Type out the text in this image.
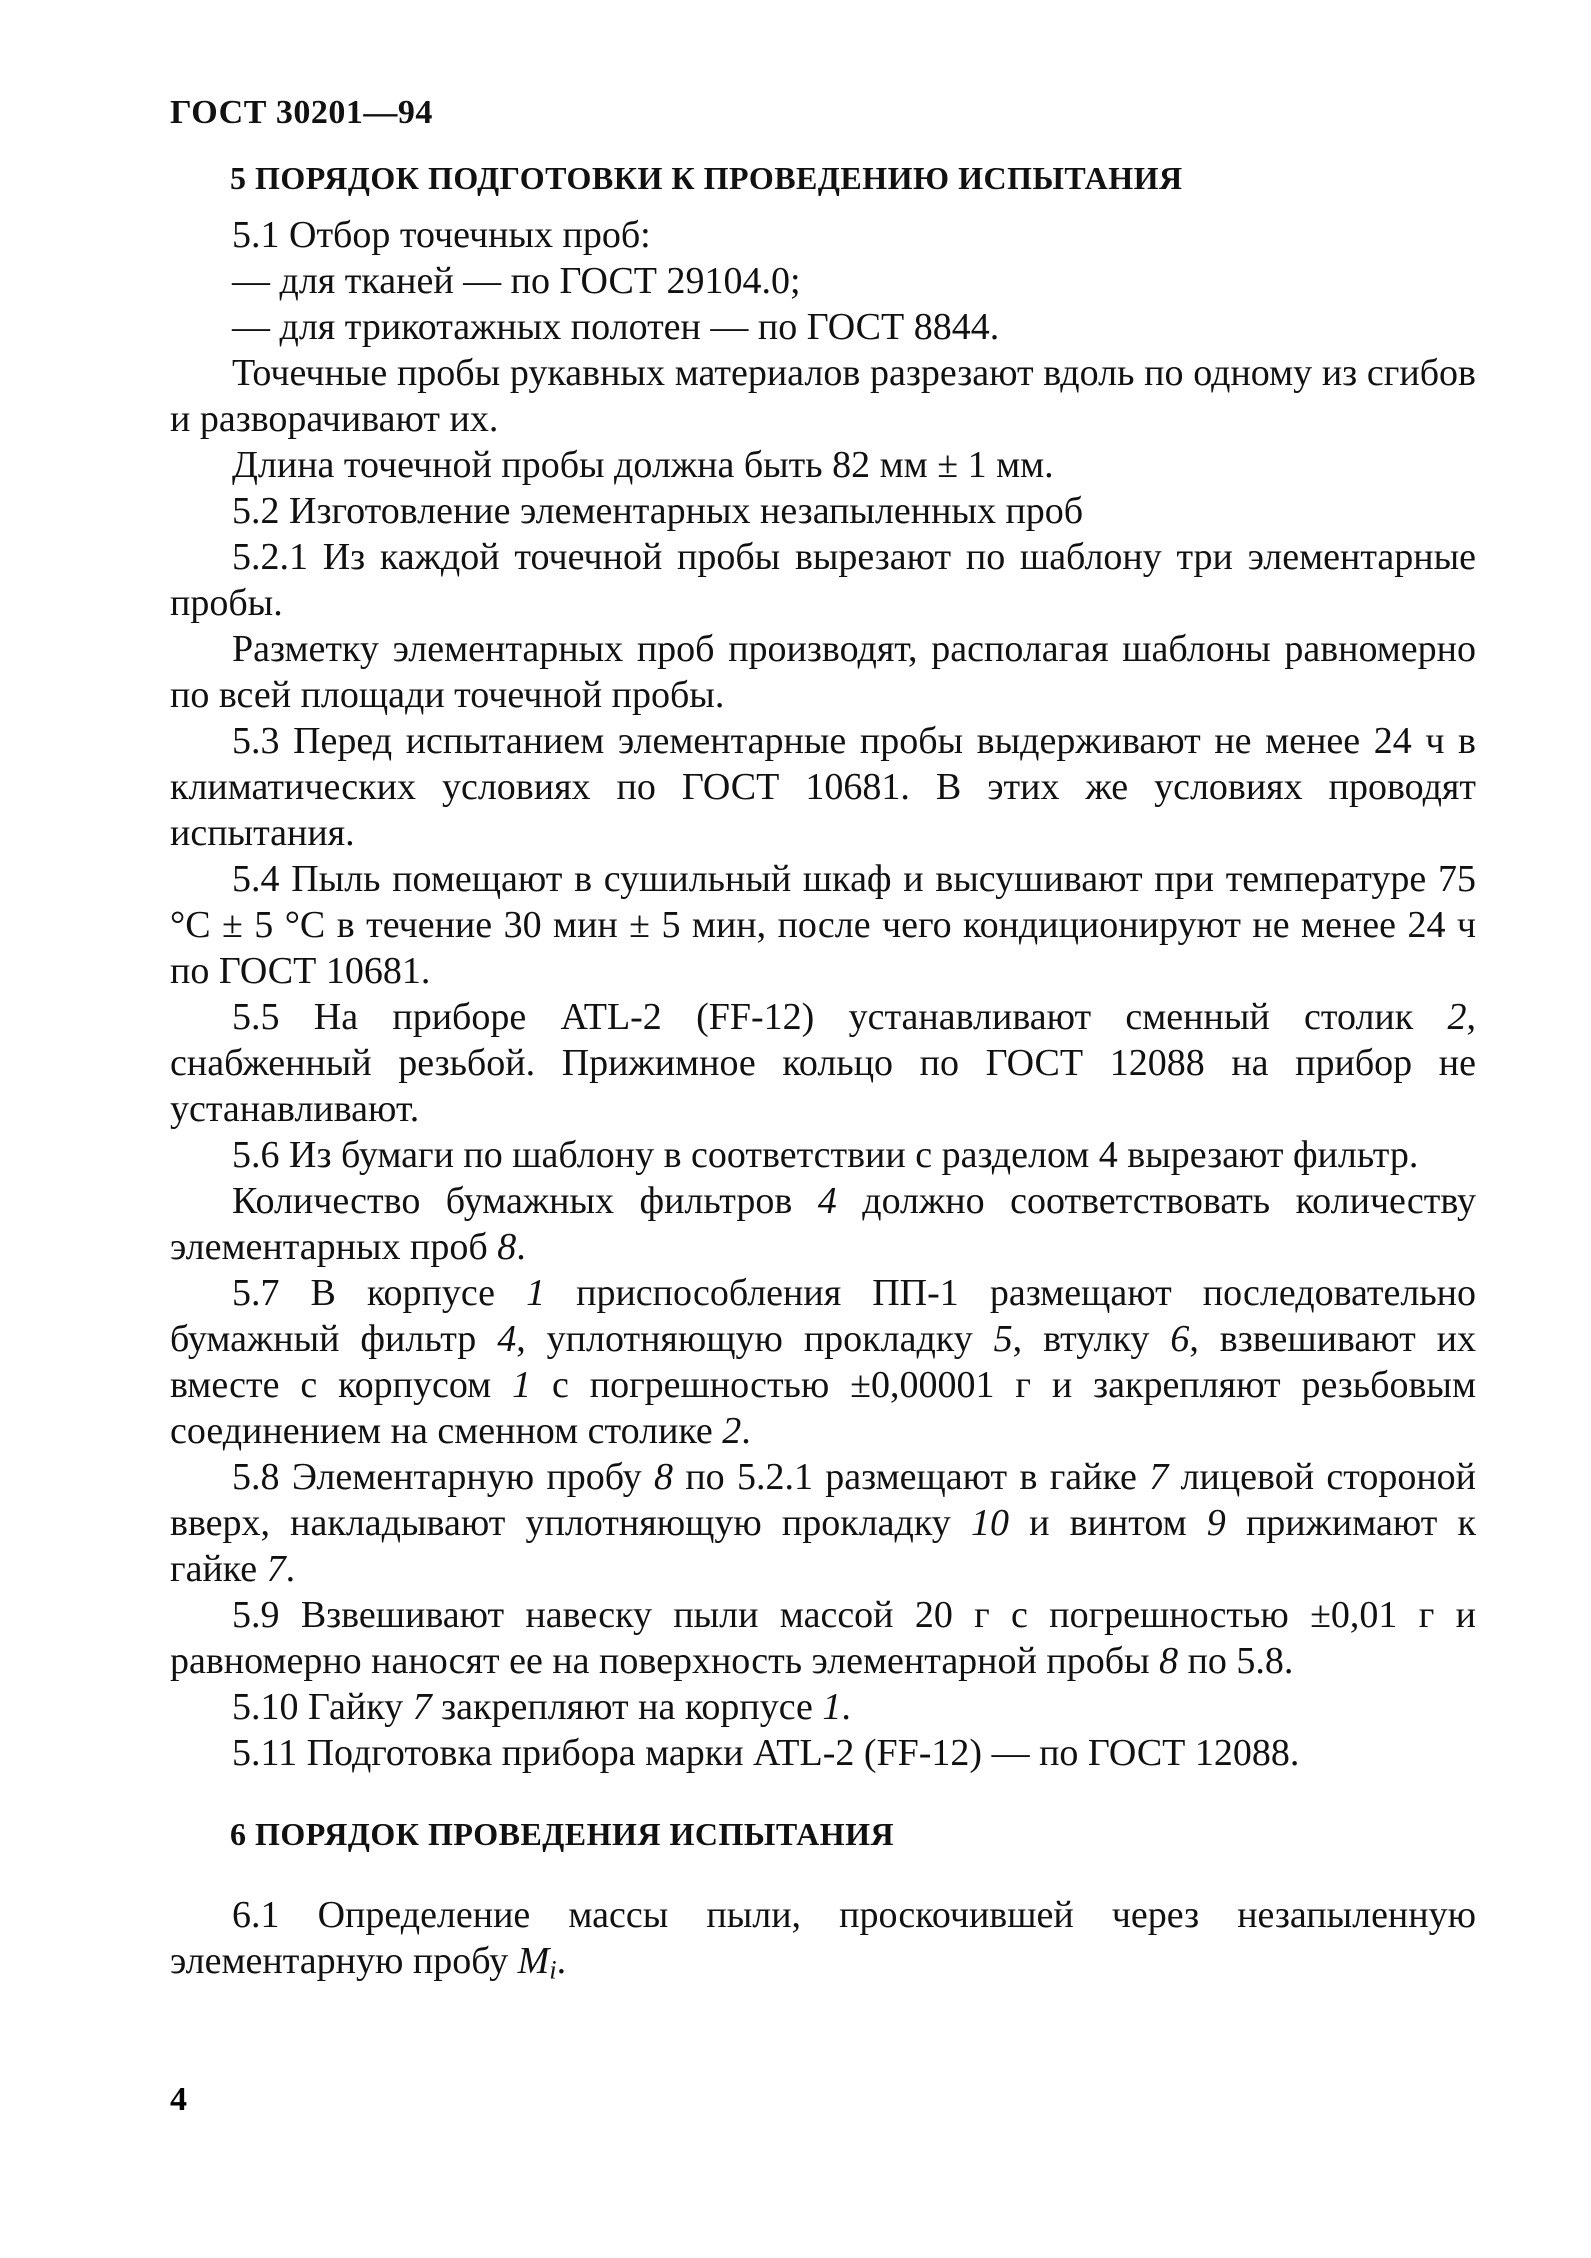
ГОСТ 30201—94
5 ПОРЯДОК ПОДГОТОВКИ К ПРОВЕДЕНИЮ ИСПЫТАНИЯ
5.1 Отбор точечных проб:
— для тканей — по ГОСТ 29104.0;
— для трикотажных полотен — по ГОСТ 8844.
Точечные пробы рукавных материалов разрезают вдоль по одному из сгибов и разворачивают их.
Длина точечной пробы должна быть 82 мм ± 1 мм.
5.2 Изготовление элементарных незапыленных проб
5.2.1 Из каждой точечной пробы вырезают по шаблону три элементарные пробы.
Разметку элементарных проб производят, располагая шаблоны равномерно по всей площади точечной пробы.
5.3 Перед испытанием элементарные пробы выдерживают не менее 24 ч в климатических условиях по ГОСТ 10681. В этих же условиях проводят испытания.
5.4 Пыль помещают в сушильный шкаф и высушивают при температуре 75 °С ± 5 °С в течение 30 мин ± 5 мин, после чего кондиционируют не менее 24 ч по ГОСТ 10681.
5.5 На приборе ATL-2 (FF-12) устанавливают сменный столик 2, снабженный резьбой. Прижимное кольцо по ГОСТ 12088 на прибор не устанавливают.
5.6 Из бумаги по шаблону в соответствии с разделом 4 вырезают фильтр.
Количество бумажных фильтров 4 должно соответствовать количеству элементарных проб 8.
5.7 В корпусе 1 приспособления ПП-1 размещают последовательно бумажный фильтр 4, уплотняющую прокладку 5, втулку 6, взвешивают их вместе с корпусом 1 с погрешностью ±0,00001 г и закрепляют резьбовым соединением на сменном столике 2.
5.8 Элементарную пробу 8 по 5.2.1 размещают в гайке 7 лицевой стороной вверх, накладывают уплотняющую прокладку 10 и винтом 9 прижимают к гайке 7.
5.9 Взвешивают навеску пыли массой 20 г с погрешностью ±0,01 г и равномерно наносят ее на поверхность элементарной пробы 8 по 5.8.
5.10 Гайку 7 закрепляют на корпусе 1.
5.11 Подготовка прибора марки ATL-2 (FF-12) — по ГОСТ 12088.
6 ПОРЯДОК ПРОВЕДЕНИЯ ИСПЫТАНИЯ
6.1 Определение массы пыли, проскочившей через незапыленную элементарную пробу $M_i$.
4
